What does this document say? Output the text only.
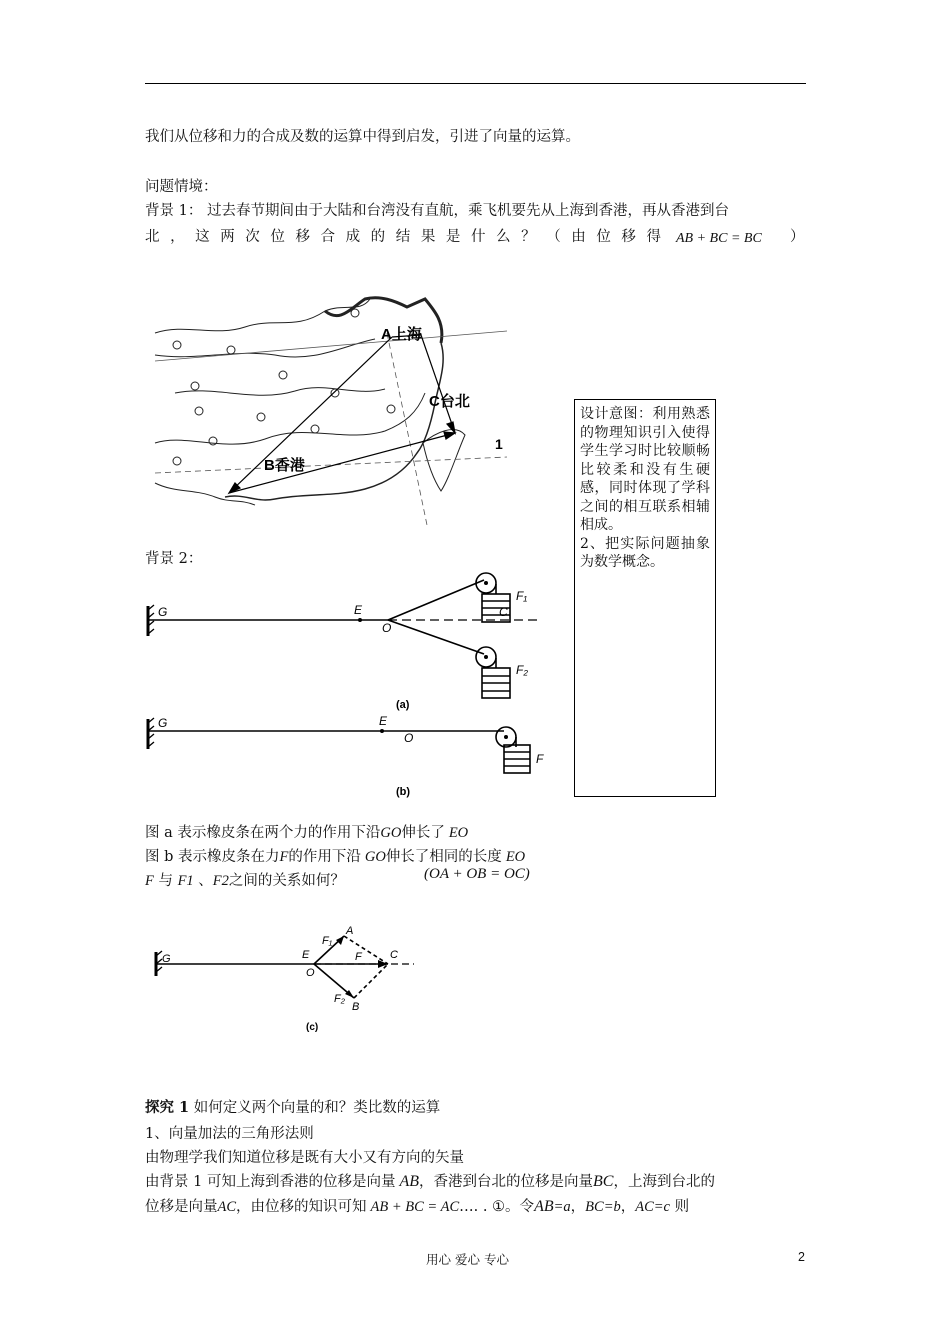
我们从位移和力的合成及数的运算中得到启发，引进了向量的运算。
问题情境：
背景 1： 过去春节期间由于大陆和台湾没有直航，乘飞机要先从上海到香港，再从香港到台
北，这两次位移合成的结果是什么？（由位移得 AB + BC = BC ）
A上海
C台北
B香港
1

设计意图：利用熟悉的物理知识引入使得学生学习时比较顺畅比较柔和没有生硬感，同时体现了学科之间的相互联系相辅相成。

2、把实际问题抽象为数学概念。

背景 2：
G	E
O
C
F₁
F₂
(a)
G	E
O
F
(b)
图 a 表示橡皮条在两个力的作用下沿GO伸长了 EO
图 b 表示橡皮条在力F的作用下沿 GO伸长了相同的长度 EO
F 与 F1 、F2之间的关系如何？	(OA + OB = OC)
G	E
O
A
B
C
F
F₁
F₂
(c)
探究 1 如何定义两个向量的和？类比数的运算
1、向量加法的三角形法则
由物理学我们知道位移是既有大小又有方向的矢量
由背景 1 可知上海到香港的位移是向量 AB，香港到台北的位移是向量BC，上海到台北的
位移是向量AC，由位移的知识可知 AB + BC = AC…. . ①。令AB=a，BC=b，AC=c 则
用心 爱心 专心	2
